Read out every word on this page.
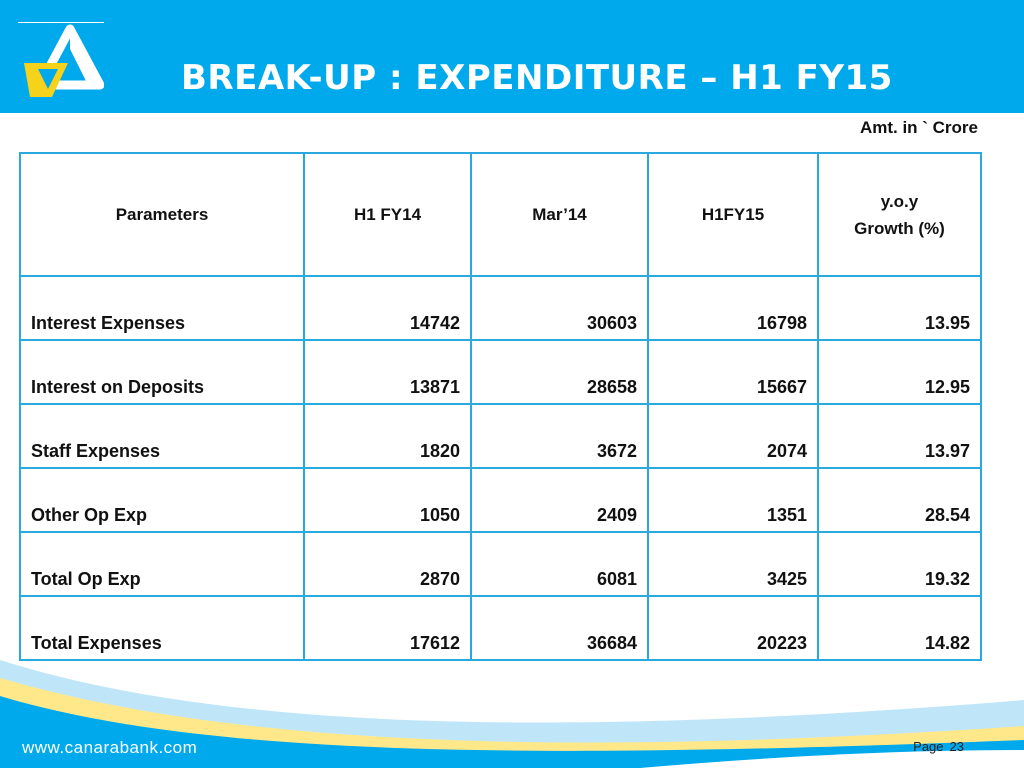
BREAK-UP : EXPENDITURE – H1 FY15
Amt. in ` Crore
Parameters	H1 FY14	Mar’14	H1FY15	y.o.y
Growth (%)

Interest Expenses	14742	30603	16798	13.95
Interest on Deposits	13871	28658	15667	12.95
Staff Expenses	1820	3672	2074	13.97
Other Op Exp	1050	2409	1351	28.54
Total Op Exp	2870	6081	3425	19.32
Total Expenses	17612	36684	20223	14.82
www.canarabank.com	Page 23
